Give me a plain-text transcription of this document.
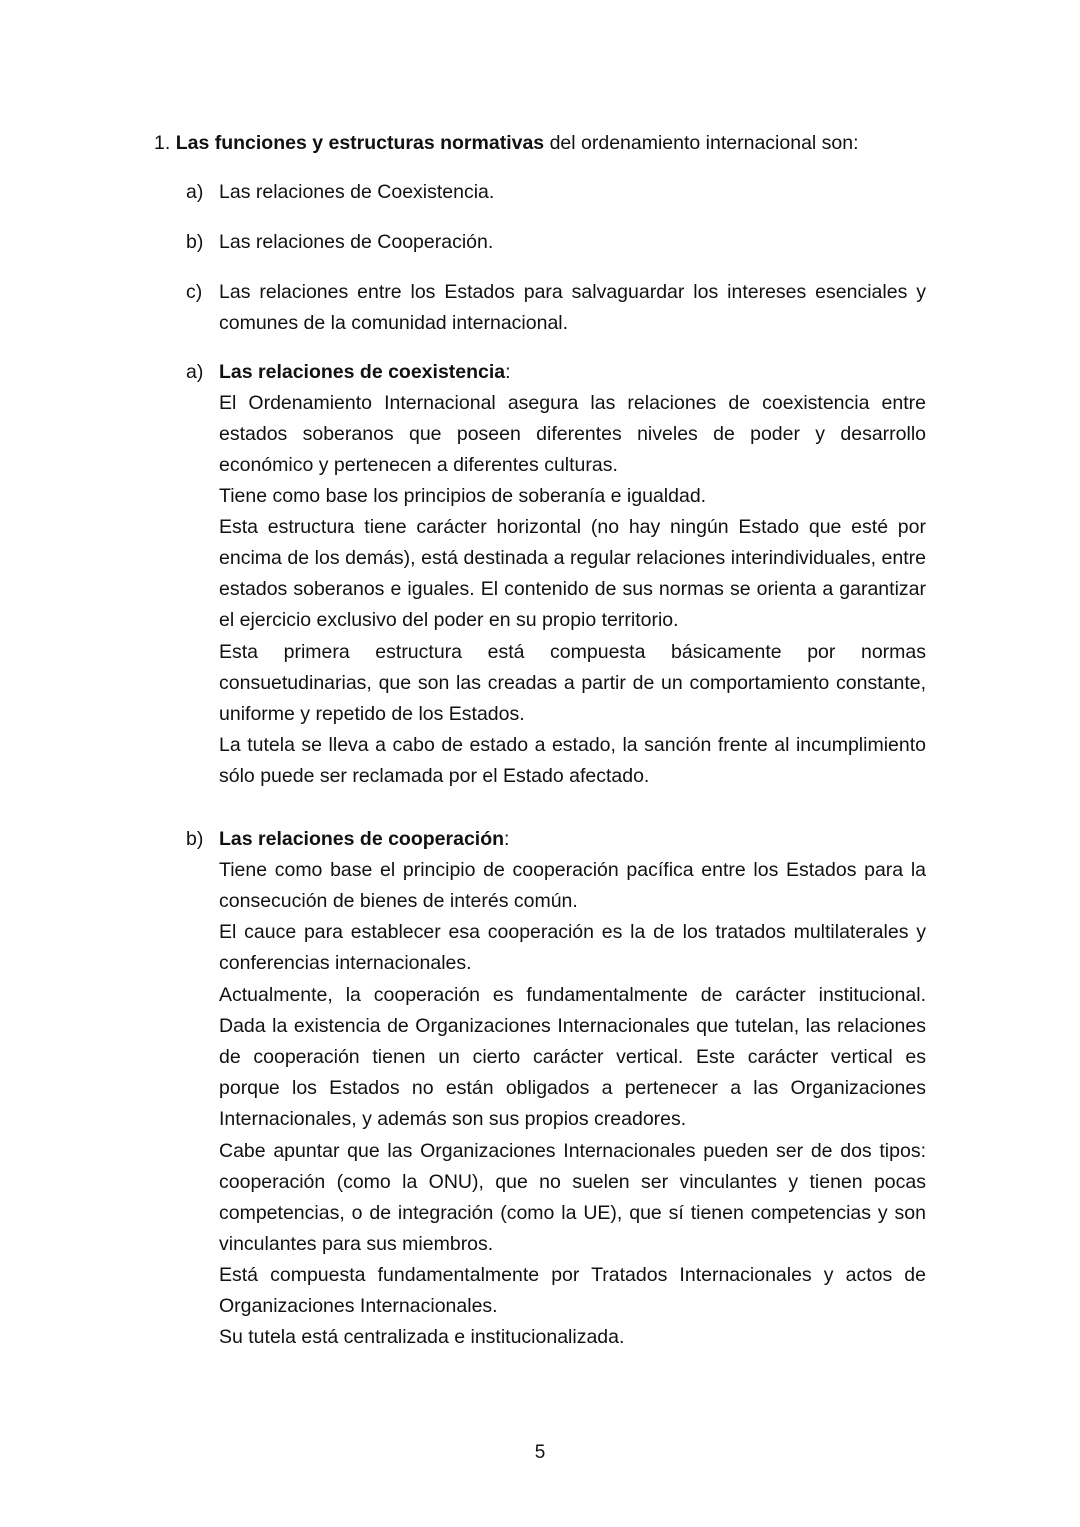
1. Las funciones y estructuras normativas del ordenamiento internacional son:
a) Las relaciones de Coexistencia.
b) Las relaciones de Cooperación.
c) Las relaciones entre los Estados para salvaguardar los intereses esenciales y
comunes de la comunidad internacional.
a) Las relaciones de coexistencia:
El Ordenamiento Internacional asegura las relaciones de coexistencia entre
estados soberanos que poseen diferentes niveles de poder y desarrollo
económico y pertenecen a diferentes culturas.
Tiene como base los principios de soberanía e igualdad.
Esta estructura tiene carácter horizontal (no hay ningún Estado que esté por
encima de los demás), está destinada a regular relaciones interindividuales, entre
estados soberanos e iguales. El contenido de sus normas se orienta a garantizar
el ejercicio exclusivo del poder en su propio territorio.
Esta primera estructura está compuesta básicamente por normas
consuetudinarias, que son las creadas a partir de un comportamiento constante,
uniforme y repetido de los Estados.
La tutela se lleva a cabo de estado a estado, la sanción frente al incumplimiento
sólo puede ser reclamada por el Estado afectado.
b) Las relaciones de cooperación:
Tiene como base el principio de cooperación pacífica entre los Estados para la
consecución de bienes de interés común.
El cauce para establecer esa cooperación es la de los tratados multilaterales y
conferencias internacionales.
Actualmente, la cooperación es fundamentalmente de carácter institucional.
Dada la existencia de Organizaciones Internacionales que tutelan, las relaciones
de cooperación tienen un cierto carácter vertical. Este carácter vertical es
porque los Estados no están obligados a pertenecer a las Organizaciones
Internacionales, y además son sus propios creadores.
Cabe apuntar que las Organizaciones Internacionales pueden ser de dos tipos:
cooperación (como la ONU), que no suelen ser vinculantes y tienen pocas
competencias, o de integración (como la UE), que sí tienen competencias y son
vinculantes para sus miembros.
Está compuesta fundamentalmente por Tratados Internacionales y actos de
Organizaciones Internacionales.
Su tutela está centralizada e institucionalizada.
5
